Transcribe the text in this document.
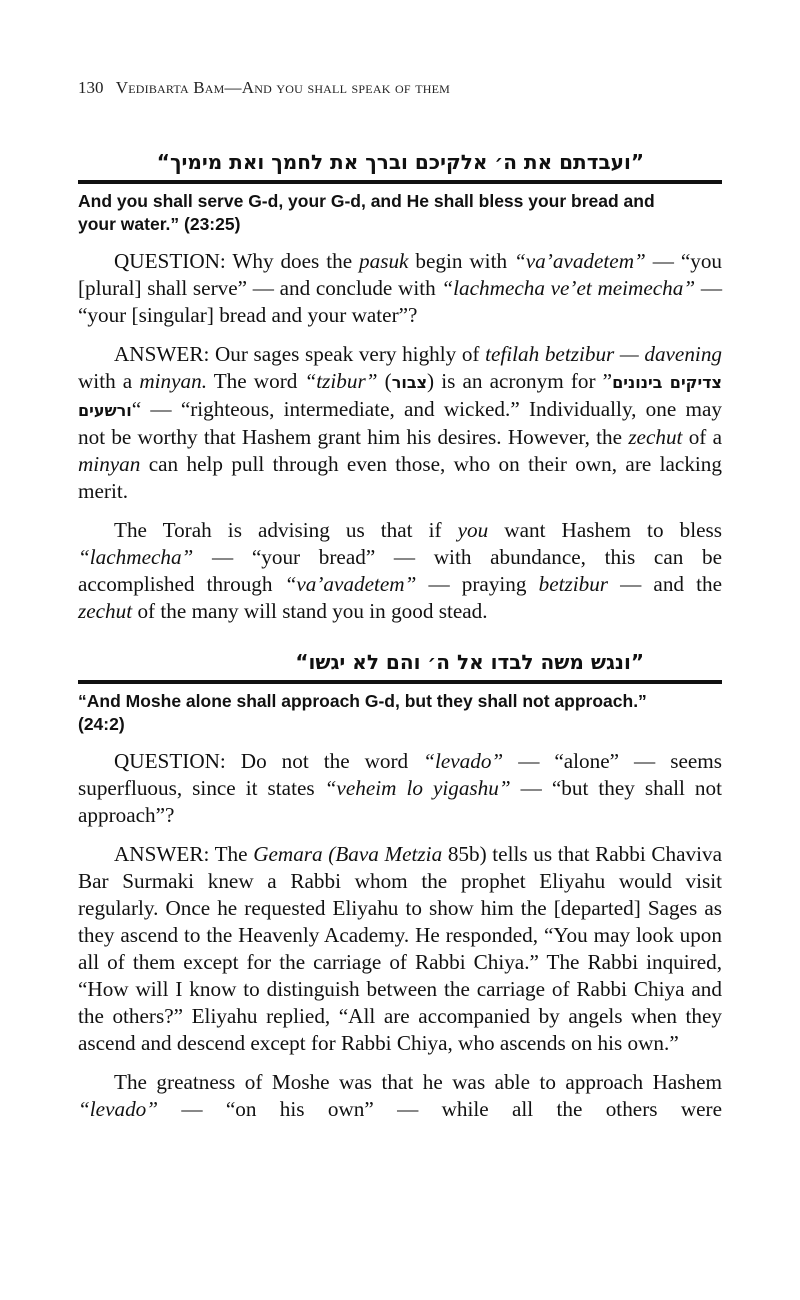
130 Vedibarta Bam—And you shall speak of them
”ועבדתם את ה׳ אלקיכם וברך את לחמך ואת מימיך“
And you shall serve G-d, your G-d, and He shall bless your bread and your water.” (23:25)

QUESTION: Why does the pasuk begin with “va’avadetem” — “you [plural] shall serve” — and conclude with “lachmecha ve’et meimecha” — “your [singular] bread and your water”?

ANSWER: Our sages speak very highly of tefilah betzibur — davening with a minyan. The word “tzibur” (צבור) is an acronym for ”צדיקים בינונים ורשעים“ — “righteous, intermediate, and wicked.” Individually, one may not be worthy that Hashem grant him his desires. However, the zechut of a minyan can help pull through even those, who on their own, are lacking merit.

The Torah is advising us that if you want Hashem to bless “lachmecha” — “your bread” — with abundance, this can be accomplished through “va’avadetem” — praying betzibur — and the zechut of the many will stand you in good stead.

”ונגש משה לבדו אל ה׳ והם לא יגשו“
“And Moshe alone shall approach G-d, but they shall not approach.” (24:2)

QUESTION: Do not the word “levado” — “alone” — seems superfluous, since it states “veheim lo yigashu” — “but they shall not approach”?

ANSWER: The Gemara (Bava Metzia 85b) tells us that Rabbi Chaviva Bar Surmaki knew a Rabbi whom the prophet Eliyahu would visit regularly. Once he requested Eliyahu to show him the [departed] Sages as they ascend to the Heavenly Academy. He responded, “You may look upon all of them except for the carriage of Rabbi Chiya.” The Rabbi inquired, “How will I know to distinguish between the carriage of Rabbi Chiya and the others?” Eliyahu replied, “All are accompanied by angels when they ascend and descend except for Rabbi Chiya, who ascends on his own.”

The greatness of Moshe was that he was able to approach Hashem “levado” — “on his own” — while all the others were
